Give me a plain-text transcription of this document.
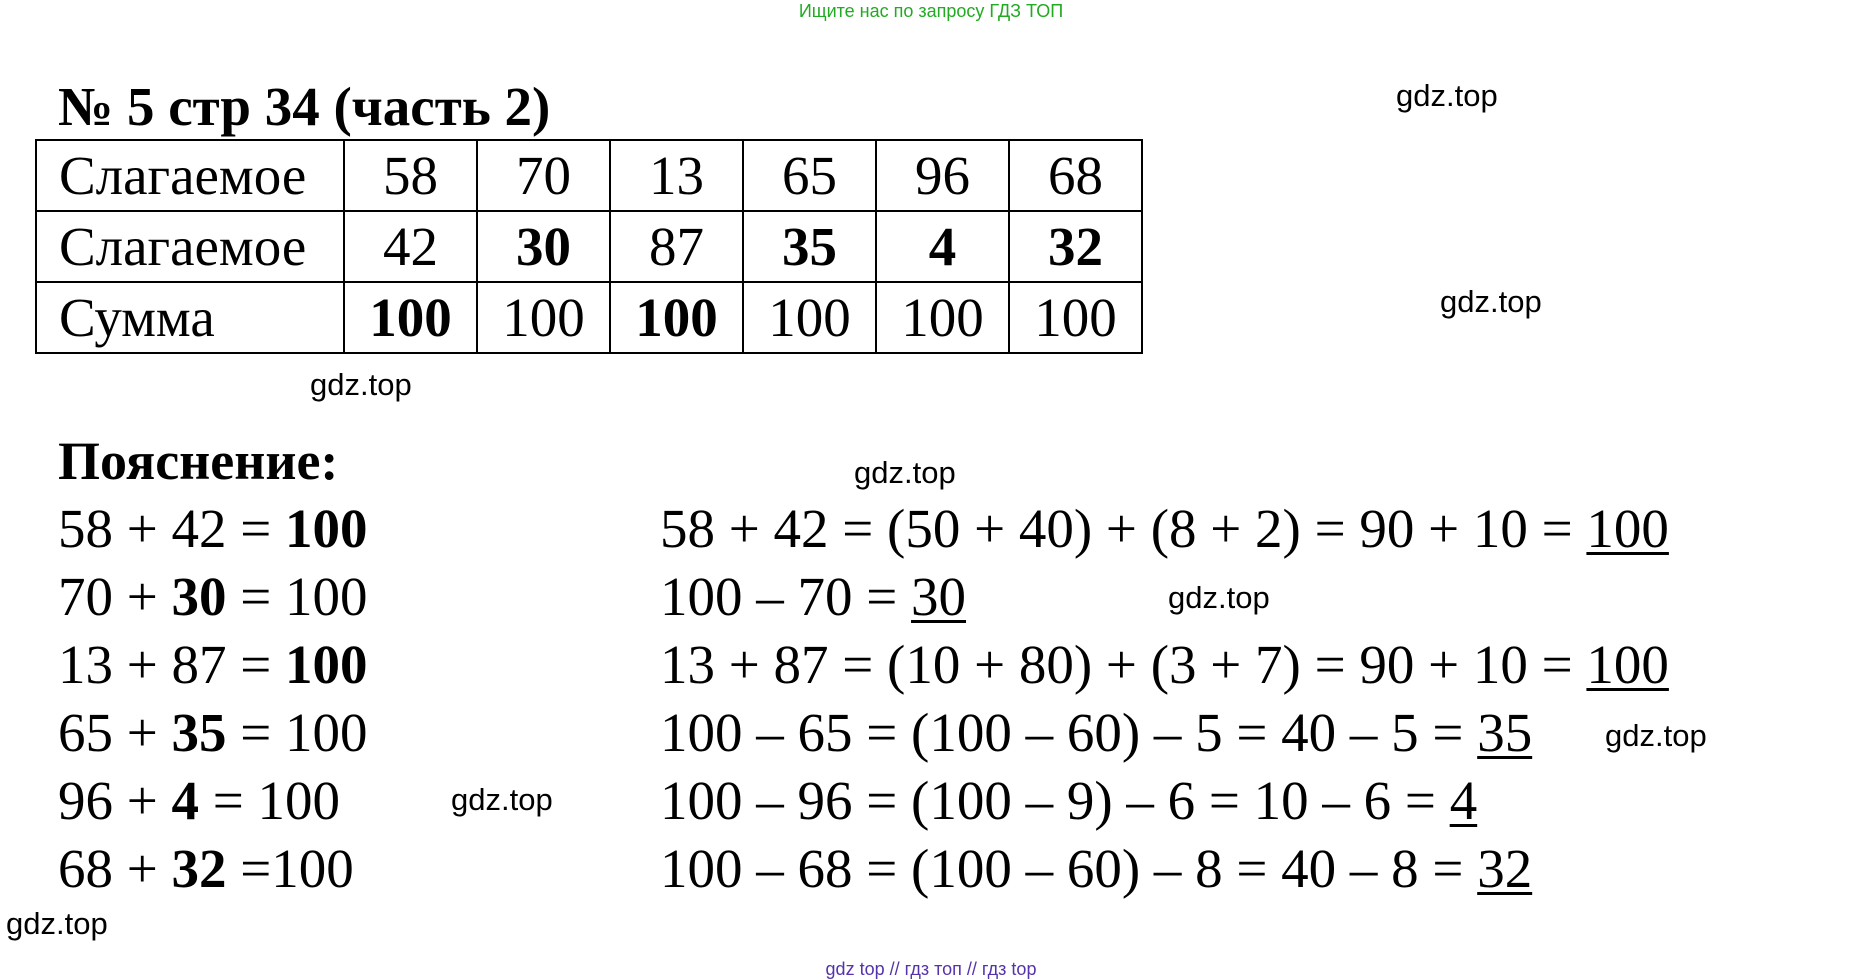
Ищите нас по запросу ГДЗ ТОП
№ 5 стр 34 (часть 2)
Слагаемое	58	70	13	65	96	68
Слагаемое	42	30	87	35	4	32
Сумма	100	100	100	100	100	100
Пояснение:
58 + 42 = 100
70 + 30 = 100
13 + 87 = 100
65 + 35 = 100
96 + 4 = 100
68 + 32 =100
58 + 42 = (50 + 40) + (8 + 2) = 90 + 10 = 100
100 – 70 = 30
13 + 87 = (10 + 80) + (3 + 7) = 90 + 10 = 100
100 – 65 = (100 – 60) – 5 = 40 – 5 = 35
100 – 96 = (100 – 9) – 6 = 10 – 6 = 4
100 – 68 = (100 – 60) – 8 = 40 – 8 = 32
gdz.top
gdz.top
gdz.top
gdz.top
gdz.top
gdz.top
gdz.top
gdz.top
gdz top // гдз топ // гдз top
